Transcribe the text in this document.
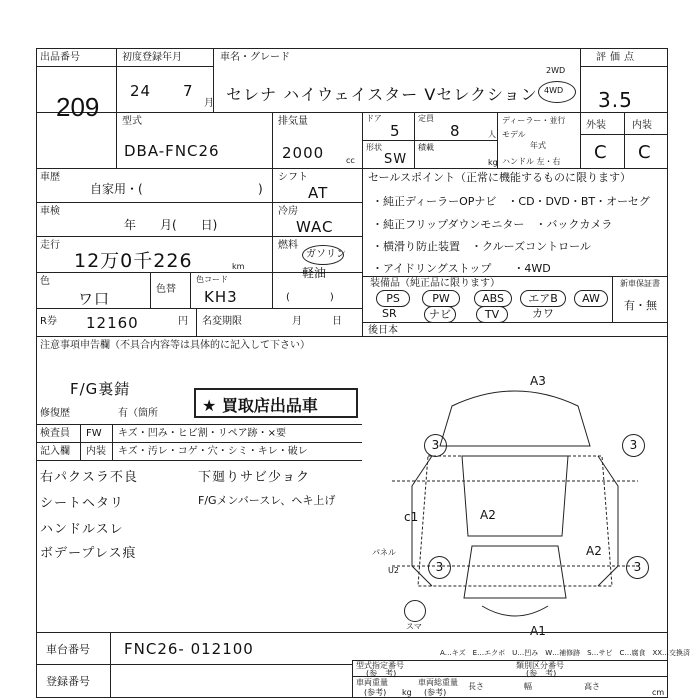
出品番号
209
初度登録年月
24 7
月
車名・グレード
セレナ ハイウェイスター Vセレクション
2WD
4WD
評価点
3.5
型式
DBA-FNC26
排気量
2000	cc
ドア
5
定員
8	人
形状
SW
積載
kg
ディーラー・並行
モデル
年式
ハンドル 左・右
外装	内装
C C
車歴
自家用・(	)
シフト
AT
車検
年　　月(　　日)
冷房
WAC
走行
12万0千226	km
燃料
ガソリン
軽油
(　　　　)
色
ワ口
色替
色コード
KH3
R券 12160	円 名変期限	月　　　日
セールスポイント（正常に機能するものに限ります）
・純正ディーラーOPナビ　・CD・DVD・BT・オーセグ
・純正フリップダウンモニター　・バックカメラ
・横滑り防止装置　・クルーズコントロール
・アイドリングストップ　　・4WD
装備品（純正品に限ります）
PS	PW	ABS	エアB	AW
SR	ナビ	TV	カワ
新車保証書
有・無
後日本
注意事項申告欄（不具合内容等は具体的に記入して下さい）
F/G裏錆
修復歴	有（箇所	★ 買取店出品車
検査員 FW キズ・凹み・ヒビ割・リペア跡・×要
記入欄 内装 キズ・汚レ・コゲ・穴・シミ・キレ・破レ
右パクスラ不良
シートヘタリ
ハンドルスレ
ボデープレス痕
下廻りサビ少ョク
F/Gメンバースレ、ヘキ上げ
A3
A2
A2
A1
c1
パネル
U2
スマ
3	3
3	3
A…キズ　E…エクボ　U…凹み　W…補修跡　S…サビ　C…腐食　XX…交換済
車台番号 FNC26- 012100
登録番号
型式指定番号
(参　考)
類別区分番号
(参　考)
車両重量
(参考) kg
車両総重量
(参考)
長さ	幅	高さ
cm
